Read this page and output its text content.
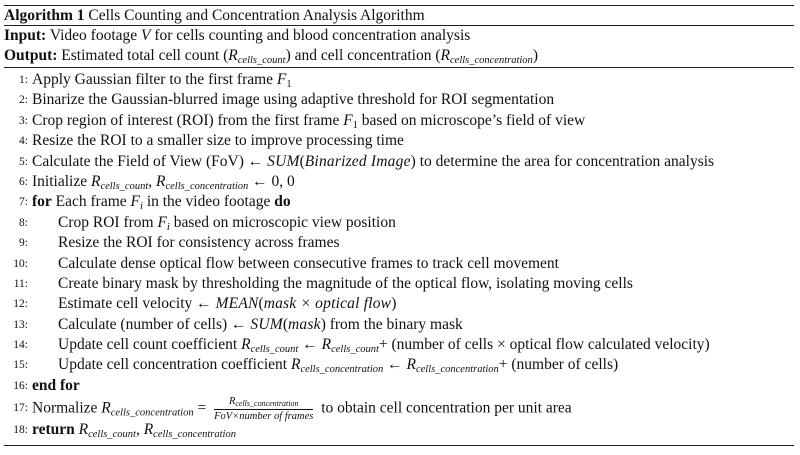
Algorithm 1 Cells Counting and Concentration Analysis Algorithm
Input: Video footage V for cells counting and blood concentration analysis
Output: Estimated total cell count $(R_{cells\_count})$ and cell concentration $(R_{cells\_concentration})$
1: Apply Gaussian filter to the first frame $F_1$
2: Binarize the Gaussian-blurred image using adaptive threshold for ROI segmentation
3: Crop region of interest (ROI) from the first frame $F_1$ based on microscope’s field of view
4: Resize the ROI to a smaller size to improve processing time
5: Calculate the Field of View (FoV) ← SUM(Binarized Image) to determine the area for concentration analysis
6: Initialize $R_{cells\_count}$, $R_{cells\_concentration}$ ← 0, 0
7: for Each frame $F_i$ in the video footage do
8: Crop ROI from $F_i$ based on microscopic view position
9: Resize the ROI for consistency across frames
10: Calculate dense optical flow between consecutive frames to track cell movement
11: Create binary mask by thresholding the magnitude of the optical flow, isolating moving cells
12: Estimate cell velocity ← MEAN(mask × optical flow)
13: Calculate (number of cells) ← SUM(mask) from the binary mask
14: Update cell count coefficient $R_{cells\_count}$ ← $R_{cells\_count}+$ (number of cells × optical flow calculated velocity)
15: Update cell concentration coefficient $R_{cells\_concentration}$ ← $R_{cells\_concentration}+$ (number of cells)
16: end for
17: Normalize $R_{cells\_concentration} = \frac{R_{cells\_concentration}}{\text{FoV×number of frames}}$ to obtain cell concentration per unit area
18: return $R_{cells\_count}$, $R_{cells\_concentration}$
